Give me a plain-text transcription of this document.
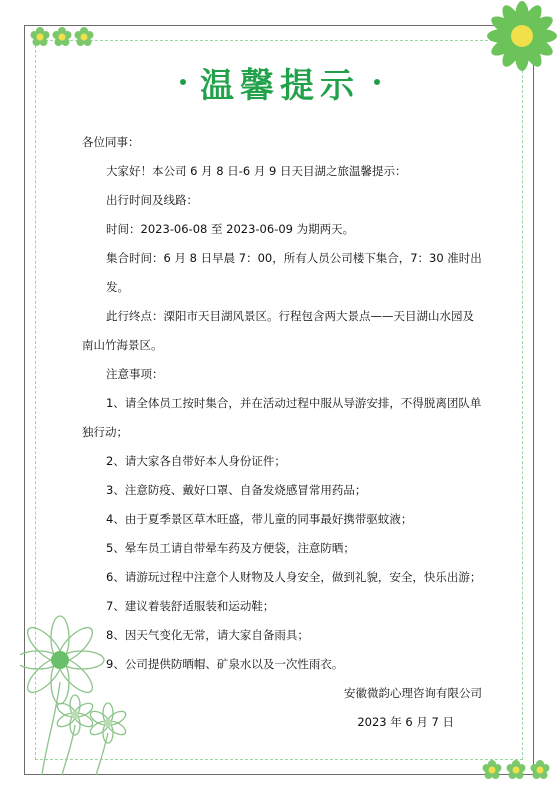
温馨提示

各位同事：

大家好！本公司 6 月 8 日-6 月 9 日天目湖之旅温馨提示：

出行时间及线路：

时间：2023-06-08 至 2023-06-09 为期两天。

集合时间：6 月 8 日早晨 7：00，所有人员公司楼下集合，7：30 准时出发。

此行终点：溧阳市天目湖风景区。行程包含两大景点——天目湖山水园及

南山竹海景区。

注意事项：

1、请全体员工按时集合，并在活动过程中服从导游安排，不得脱离团队单

独行动；

2、请大家各自带好本人身份证件；

3、注意防疫、戴好口罩、自备发烧感冒常用药品；

4、由于夏季景区草木旺盛，带儿童的同事最好携带驱蚊液；

5、晕车员工请自带晕车药及方便袋，注意防晒；

6、请游玩过程中注意个人财物及人身安全，做到礼貌，安全，快乐出游；

7、建议着装舒适服装和运动鞋；

8、因天气变化无常，请大家自备雨具；

9、公司提供防晒帽、矿泉水以及一次性雨衣。

安徽微韵心理咨询有限公司

2023 年 6 月 7 日
